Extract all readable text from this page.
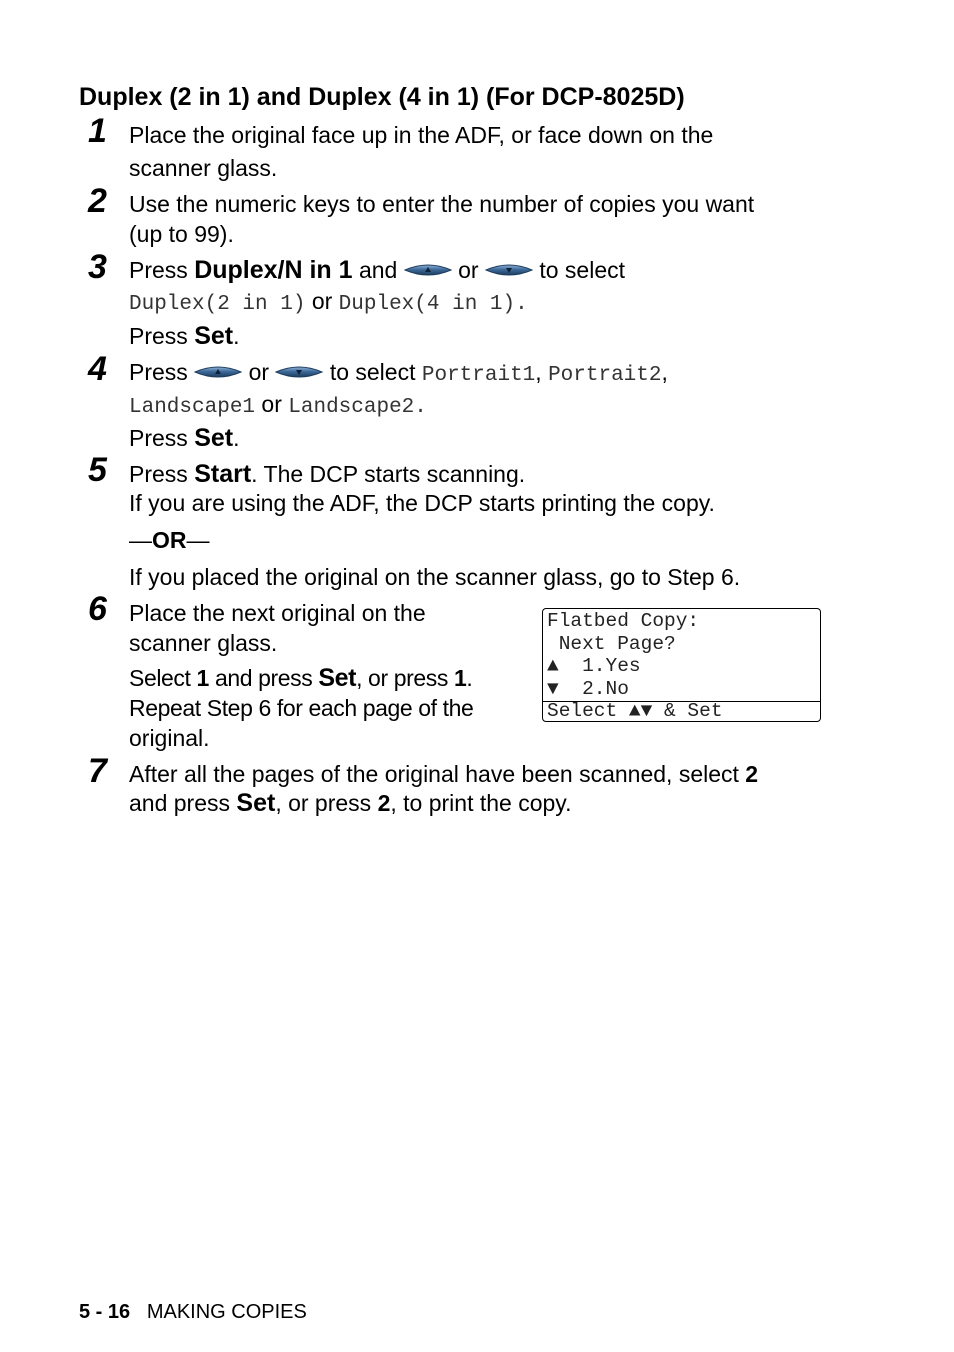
Duplex (2 in 1) and Duplex (4 in 1) (For DCP-8025D)
1 Place the original face up in the ADF, or face down on the
scanner glass.
2 Use the numeric keys to enter the number of copies you want
(up to 99).
3 Press Duplex/N in 1 and	or	to select
Duplex(2 in 1) or Duplex(4 in 1).
Press Set.
4 Press	or	to select Portrait1, Portrait2,
Landscape1 or Landscape2.
Press Set.
5 Press Start. The DCP starts scanning.
If you are using the ADF, the DCP starts printing the copy.
—OR—
If you placed the original on the scanner glass, go to Step 6.
6 Place the next original on the
scanner glass.
Select 1 and press Set, or press 1.
Repeat Step 6 for each page of the
original.
Flatbed Copy:
Next Page?
▲  1.Yes
▼  2.No
Select ▲▼ & Set
7 After all the pages of the original have been scanned, select 2
and press Set, or press 2, to print the copy.
5 - 16 MAKING COPIES
